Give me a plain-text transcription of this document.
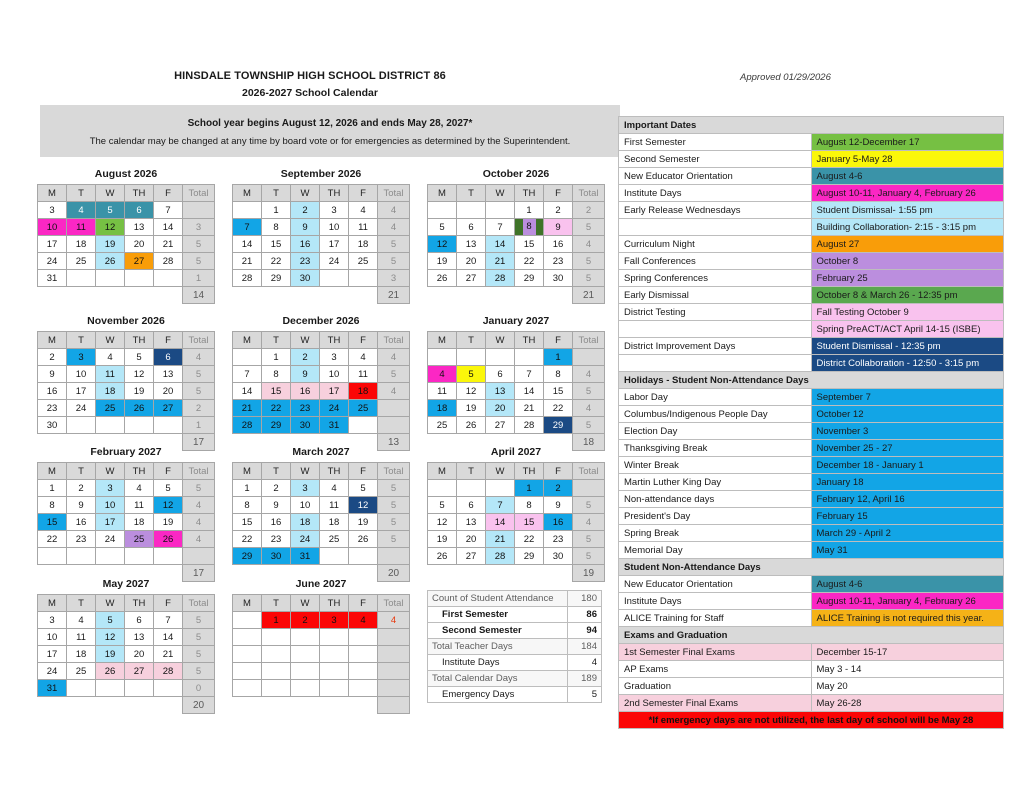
HINSDALE TOWNSHIP HIGH SCHOOL DISTRICT 86
2026-2027 School Calendar
Approved 01/29/2026
School year begins August 12, 2026 and ends May 28, 2027*
The calendar may be changed at any time by board vote or for emergencies as determined by the Superintendent.
August 2026
M	T	W	TH	F	Total
3	4	5	6	7	
10	11	12	13	14	3
17	18	19	20	21	5
24	25	26	27	28	5
31					1
					14
September 2026
M	T	W	TH	F	Total
	1	2	3	4	4
7	8	9	10	11	4
14	15	16	17	18	5
21	22	23	24	25	5
28	29	30			3
					21
October 2026
M	T	W	TH	F	Total
			1	2	2
5	6	7	8	9	5
12	13	14	15	16	4
19	20	21	22	23	5
26	27	28	29	30	5
					21
November 2026
M	T	W	TH	F	Total
2	3	4	5	6	4
9	10	11	12	13	5
16	17	18	19	20	5
23	24	25	26	27	2
30					1
					17
December 2026
M	T	W	TH	F	Total
	1	2	3	4	4
7	8	9	10	11	5
14	15	16	17	18	4
21	22	23	24	25	
28	29	30	31		
					13
January 2027
M	T	W	TH	F	Total
				1	
4	5	6	7	8	4
11	12	13	14	15	5
18	19	20	21	22	4
25	26	27	28	29	5
					18
February 2027
M	T	W	TH	F	Total
1	2	3	4	5	5
8	9	10	11	12	4
15	16	17	18	19	4
22	23	24	25	26	4

					17
March 2027
M	T	W	TH	F	Total
1	2	3	4	5	5
8	9	10	11	12	5
15	16	18	18	19	5
22	23	24	25	26	5
29	30	31			
					20
April 2027
M	T	W	TH	F	Total
			1	2	
5	6	7	8	9	5
12	13	14	15	16	4
19	20	21	22	23	5
26	27	28	29	30	5
					19
May 2027
M	T	W	TH	F	Total
3	4	5	6	7	5
10	11	12	13	14	5
17	18	19	20	21	5
24	25	26	27	28	5
31					0
					20
June 2027
M	T	W	TH	F	Total
	1	2	3	4	4

Count of Student Attendance	180
First Semester	86
Second Semester	94
Total Teacher Days	184
Institute Days	4
Total Calendar Days	189
Emergency Days	5
Important Dates	
First Semester	August 12-December 17
Second Semester	January 5-May 28
New Educator Orientation	August 4-6
Institute Days	August 10-11, January 4, February 26
Early Release Wednesdays	Student Dismissal- 1:55 pm
	Building Collaboration- 2:15 - 3:15 pm
Curriculum Night	August 27
Fall Conferences	October 8
Spring Conferences	February 25
Early Dismissal	October 8 & March 26 - 12:35 pm
District Testing	Fall Testing October 9
	Spring PreACT/ACT April 14-15 (ISBE)
District Improvement Days	Student Dismissal - 12:35 pm
	District Collaboration - 12:50 - 3:15 pm
Holidays - Student Non-Attendance Days	
Labor Day	September 7
Columbus/Indigenous People Day	October 12
Election Day	November 3
Thanksgiving Break	November 25 - 27
Winter Break	December 18 - January 1
Martin Luther King Day	January 18
Non-attendance days	February 12, April 16
President's Day	February 15
Spring Break	March 29 - April 2
Memorial Day	May 31
Student Non-Attendance Days	
New Educator Orientation	August 4-6
Institute Days	August 10-11, January 4, February 26
ALICE Training for Staff	ALICE Training is not required this year.
Exams and Graduation	
1st Semester Final Exams	December 15-17
AP Exams	May 3 - 14
Graduation	May 20
2nd Semester Final Exams	May 26-28
*If emergency days are not utilized, the last day of school will be May 28	
